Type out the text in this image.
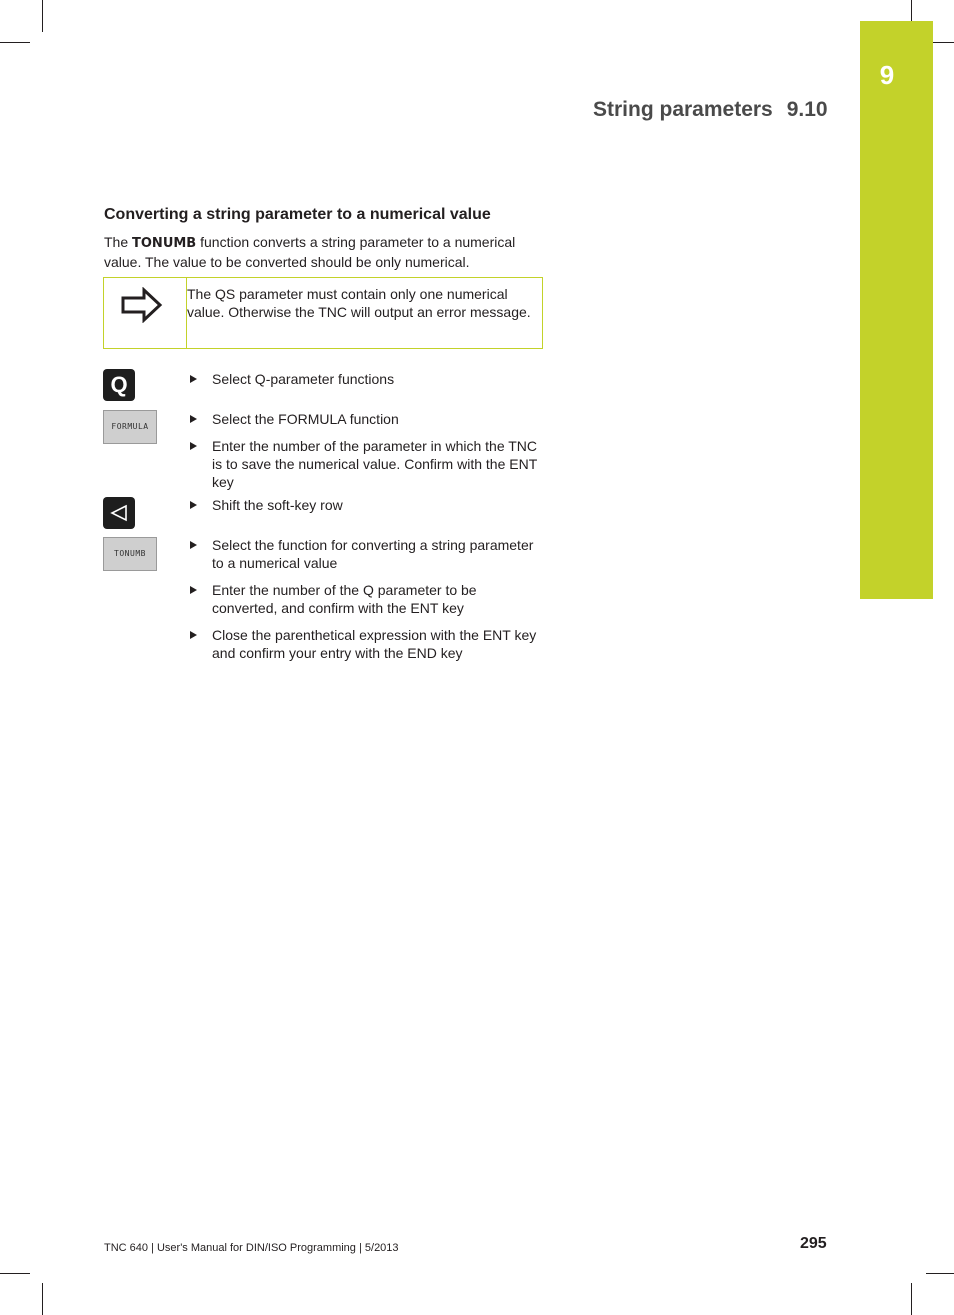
9
String parameters 9.10
Converting a string parameter to a numerical value
The TONUMB function converts a string parameter to a numerical value. The value to be converted should be only numerical.
The QS parameter must contain only one numerical value. Otherwise the TNC will output an error message.
Q
FORMULA
TONUMB
Select Q-parameter functions
Select the FORMULA function
Enter the number of the parameter in which the TNC is to save the numerical value. Confirm with the ENT key
Shift the soft-key row
Select the function for converting a string parameter to a numerical value
Enter the number of the Q parameter to be converted, and confirm with the ENT key
Close the parenthetical expression with the ENT key and confirm your entry with the END key
TNC 640 | User's Manual for DIN/ISO Programming | 5/2013	295
